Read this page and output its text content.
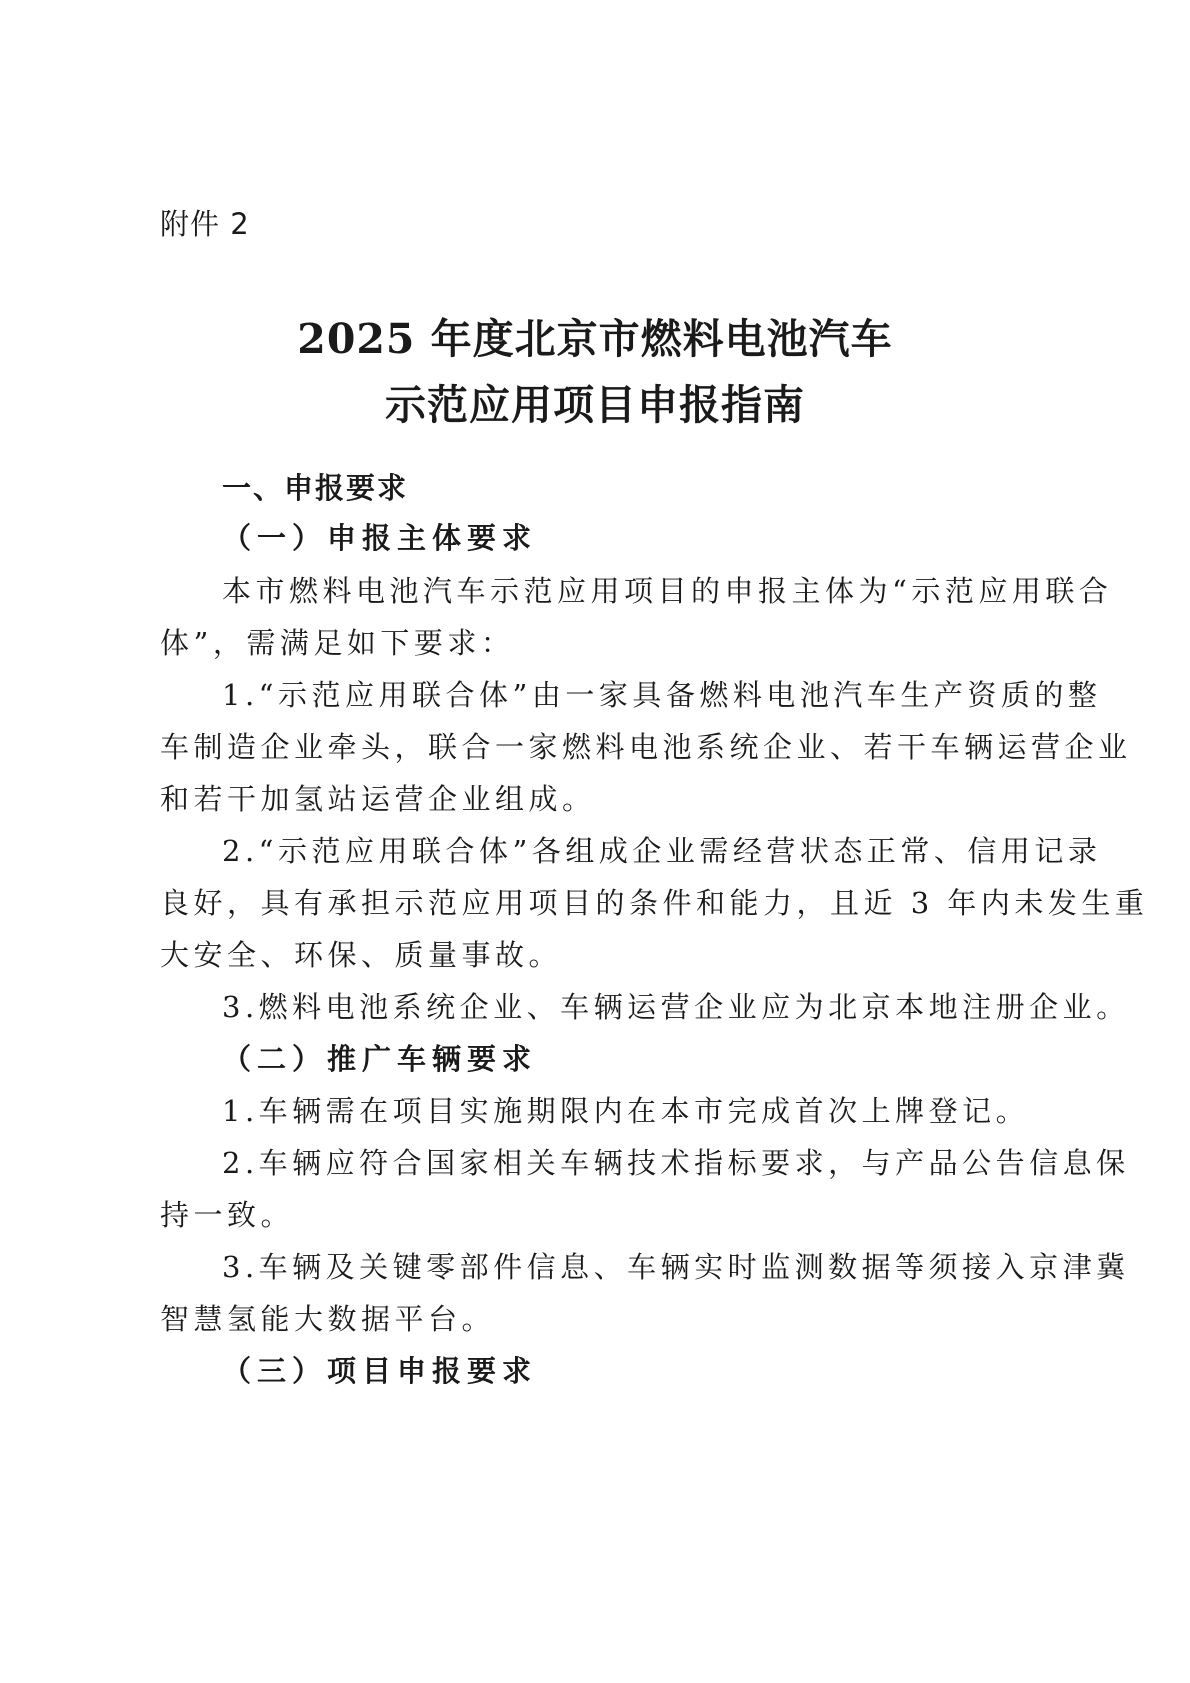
附件 2
2025 年度北京市燃料电池汽车
示范应用项目申报指南
一、申报要求
（一）申报主体要求
本市燃料电池汽车示范应用项目的申报主体为“示范应用联合
体”，需满足如下要求：
1.“示范应用联合体”由一家具备燃料电池汽车生产资质的整
车制造企业牵头，联合一家燃料电池系统企业、若干车辆运营企业
和若干加氢站运营企业组成。
2.“示范应用联合体”各组成企业需经营状态正常、信用记录
良好，具有承担示范应用项目的条件和能力，且近 3 年内未发生重
大安全、环保、质量事故。
3.燃料电池系统企业、车辆运营企业应为北京本地注册企业。
（二）推广车辆要求
1.车辆需在项目实施期限内在本市完成首次上牌登记。
2.车辆应符合国家相关车辆技术指标要求，与产品公告信息保
持一致。
3.车辆及关键零部件信息、车辆实时监测数据等须接入京津冀
智慧氢能大数据平台。
（三）项目申报要求
